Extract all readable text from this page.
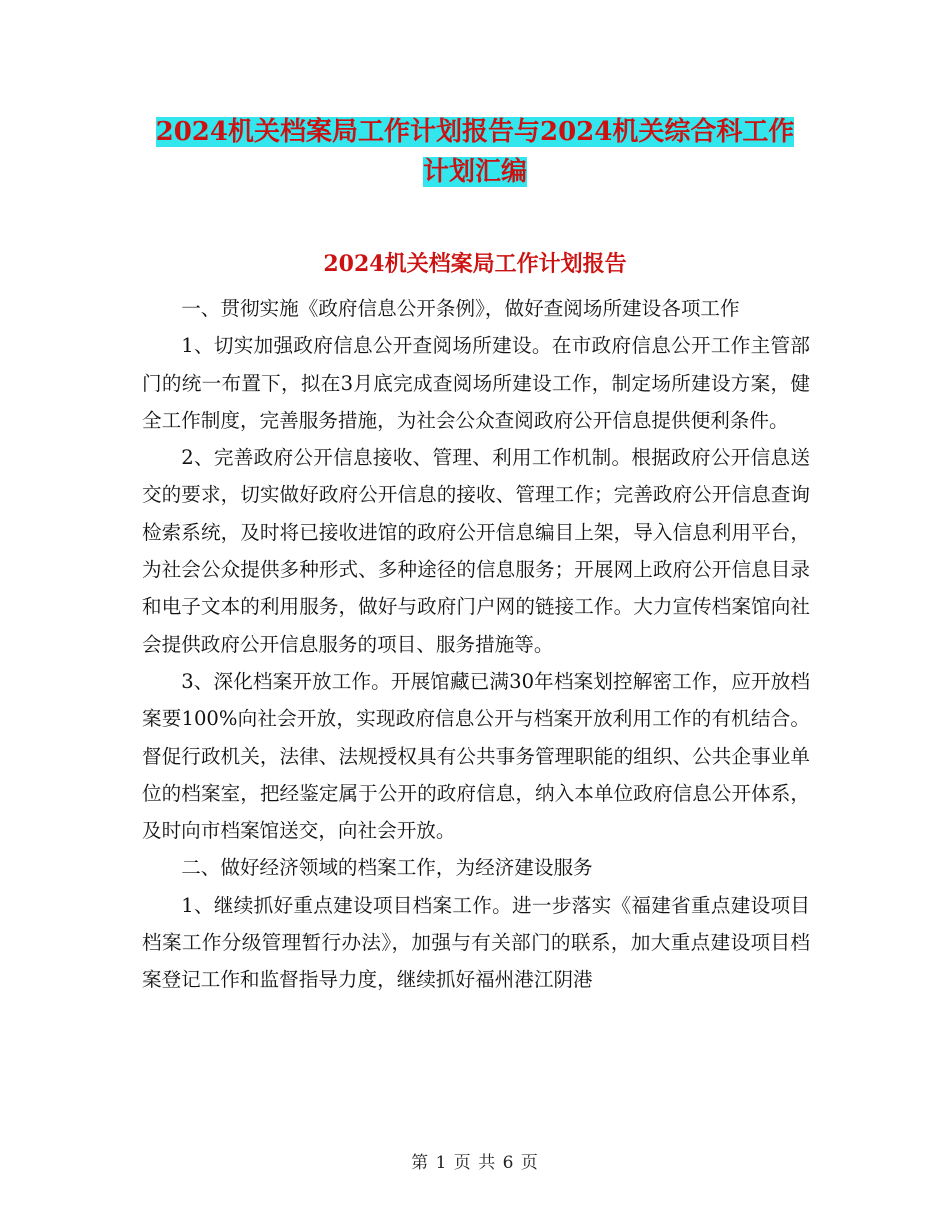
2024机关档案局工作计划报告与2024机关综合科工作
计划汇编
2024机关档案局工作计划报告

一、贯彻实施《政府信息公开条例》，做好查阅场所建设各项工作

1、切实加强政府信息公开查阅场所建设。在市政府信息公开工作主管部门的统一布置下，拟在3月底完成查阅场所建设工作，制定场所建设方案，健全工作制度，完善服务措施，为社会公众查阅政府公开信息提供便利条件。

2、完善政府公开信息接收、管理、利用工作机制。根据政府公开信息送交的要求，切实做好政府公开信息的接收、管理工作；完善政府公开信息查询检索系统，及时将已接收进馆的政府公开信息编目上架，导入信息利用平台，为社会公众提供多种形式、多种途径的信息服务；开展网上政府公开信息目录和电子文本的利用服务，做好与政府门户网的链接工作。大力宣传档案馆向社会提供政府公开信息服务的项目、服务措施等。

3、深化档案开放工作。开展馆藏已满30年档案划控解密工作，应开放档案要100%向社会开放，实现政府信息公开与档案开放利用工作的有机结合。督促行政机关，法律、法规授权具有公共事务管理职能的组织、公共企事业单位的档案室，把经鉴定属于公开的政府信息，纳入本单位政府信息公开体系，及时向市档案馆送交，向社会开放。

二、做好经济领域的档案工作，为经济建设服务

1、继续抓好重点建设项目档案工作。进一步落实《福建省重点建设项目档案工作分级管理暂行办法》，加强与有关部门的联系，加大重点建设项目档案登记工作和监督指导力度，继续抓好福州港江阴港

第 1 页 共 6 页
